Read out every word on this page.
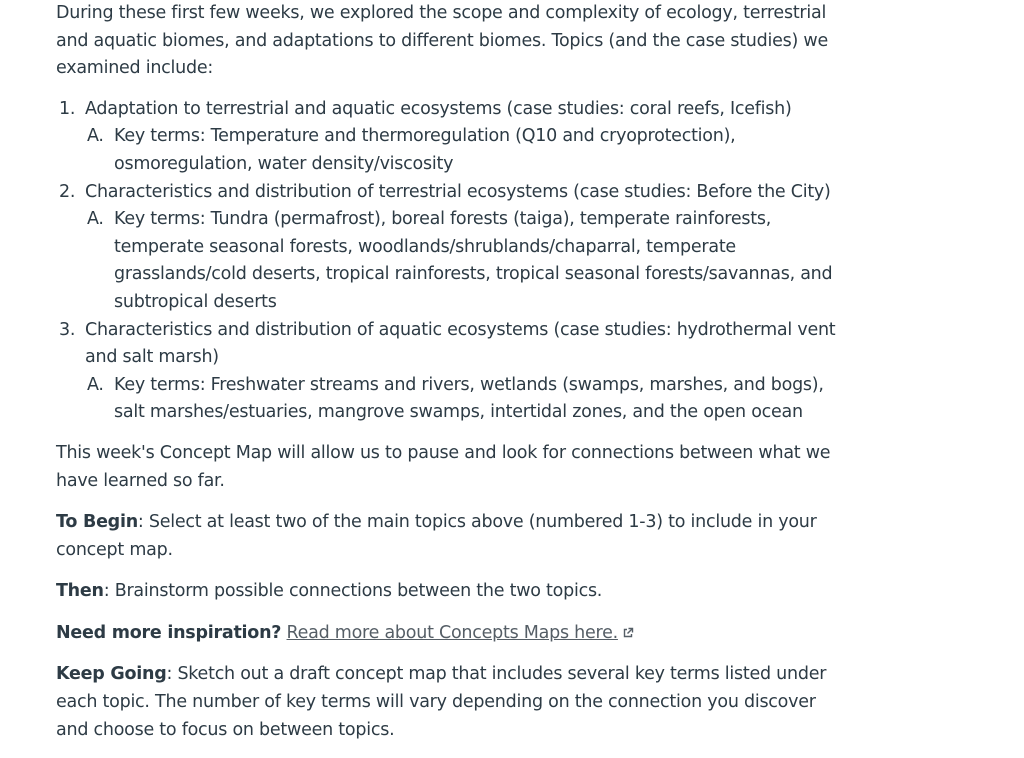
During these first few weeks, we explored the scope and complexity of ecology, terrestrial and aquatic biomes, and adaptations to different biomes. Topics (and the case studies) we examined include:

1. Adaptation to terrestrial and aquatic ecosystems (case studies: coral reefs, Icefish)
A. Key terms: Temperature and thermoregulation (Q10 and cryoprotection), osmoregulation, water density/viscosity
2. Characteristics and distribution of terrestrial ecosystems (case studies: Before the City)
A. Key terms: Tundra (permafrost), boreal forests (taiga), temperate rainforests, temperate seasonal forests, woodlands/shrublands/chaparral, temperate grasslands/cold deserts, tropical rainforests, tropical seasonal forests/savannas, and subtropical deserts
3. Characteristics and distribution of aquatic ecosystems (case studies: hydrothermal vent and salt marsh)
A. Key terms: Freshwater streams and rivers, wetlands (swamps, marshes, and bogs), salt marshes/estuaries, mangrove swamps, intertidal zones, and the open ocean

This week's Concept Map will allow us to pause and look for connections between what we have learned so far.

To Begin: Select at least two of the main topics above (numbered 1-3) to include in your concept map.

Then: Brainstorm possible connections between the two topics.

Need more inspiration? Read more about Concepts Maps here.

Keep Going: Sketch out a draft concept map that includes several key terms listed under each topic. The number of key terms will vary depending on the connection you discover and choose to focus on between topics.
